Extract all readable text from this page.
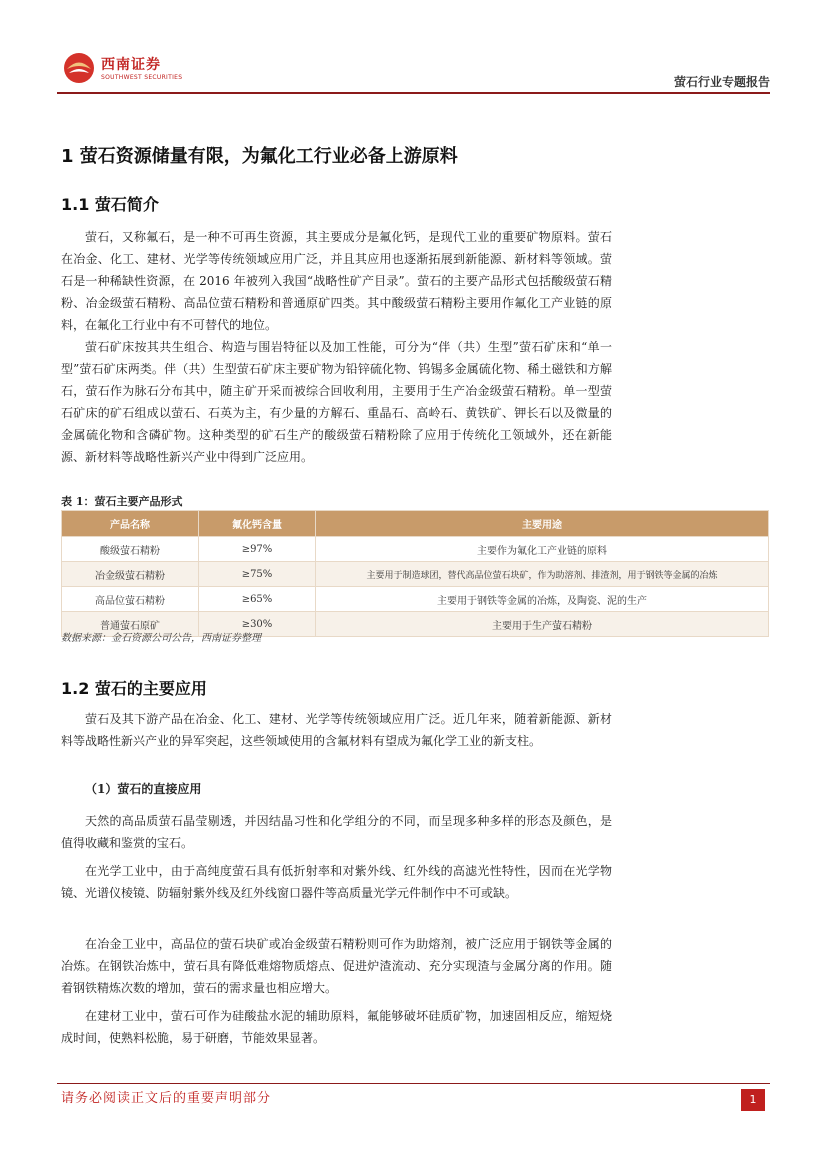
西南证券
SOUTHWEST SECURITIES	萤石行业专题报告
1 萤石资源储量有限，为氟化工行业必备上游原料
1.1 萤石简介

萤石，又称氟石，是一种不可再生资源，其主要成分是氟化钙，是现代工业的重要矿物原料。萤石在冶金、化工、建材、光学等传统领域应用广泛，并且其应用也逐渐拓展到新能源、新材料等领域。萤石是一种稀缺性资源，在 2016 年被列入我国“战略性矿产目录”。萤石的主要产品形式包括酸级萤石精粉、冶金级萤石精粉、高品位萤石精粉和普通原矿四类。其中酸级萤石精粉主要用作氟化工产业链的原料，在氟化工行业中有不可替代的地位。

萤石矿床按其共生组合、构造与围岩特征以及加工性能，可分为“伴（共）生型”萤石矿床和“单一型”萤石矿床两类。伴（共）生型萤石矿床主要矿物为铅锌硫化物、钨锡多金属硫化物、稀土磁铁和方解石，萤石作为脉石分布其中，随主矿开采而被综合回收利用，主要用于生产冶金级萤石精粉。单一型萤石矿床的矿石组成以萤石、石英为主，有少量的方解石、重晶石、高岭石、黄铁矿、钾长石以及微量的金属硫化物和含磷矿物。这种类型的矿石生产的酸级萤石精粉除了应用于传统化工领域外，还在新能源、新材料等战略性新兴产业中得到广泛应用。

表 1：萤石主要产品形式
产品名称	氟化钙含量	主要用途
酸级萤石精粉	≥97%	主要作为氟化工产业链的原料
冶金级萤石精粉	≥75%	主要用于制造球团，替代高品位萤石块矿，作为助溶剂、排渣剂，用于钢铁等金属的冶炼
高品位萤石精粉	≥65%	主要用于钢铁等金属的冶炼，及陶瓷、泥的生产
普通萤石原矿	≥30%	主要用于生产萤石精粉
数据来源：金石资源公司公告，西南证券整理
1.2 萤石的主要应用

萤石及其下游产品在冶金、化工、建材、光学等传统领域应用广泛。近几年来，随着新能源、新材料等战略性新兴产业的异军突起，这些领域使用的含氟材料有望成为氟化学工业的新支柱。

（1）萤石的直接应用

天然的高品质萤石晶莹剔透，并因结晶习性和化学组分的不同，而呈现多种多样的形态及颜色，是值得收藏和鉴赏的宝石。

在光学工业中，由于高纯度萤石具有低折射率和对紫外线、红外线的高滤光性特性，因而在光学物镜、光谱仪棱镜、防辐射紫外线及红外线窗口器件等高质量光学元件制作中不可或缺。

在冶金工业中，高品位的萤石块矿或冶金级萤石精粉则可作为助熔剂，被广泛应用于钢铁等金属的冶炼。在钢铁冶炼中，萤石具有降低难熔物质熔点、促进炉渣流动、充分实现渣与金属分离的作用。随着钢铁精炼次数的增加，萤石的需求量也相应增大。

在建材工业中，萤石可作为硅酸盐水泥的辅助原料，氟能够破坏硅质矿物，加速固相反应，缩短烧成时间，使熟料松脆，易于研磨，节能效果显著。

请务必阅读正文后的重要声明部分	1
